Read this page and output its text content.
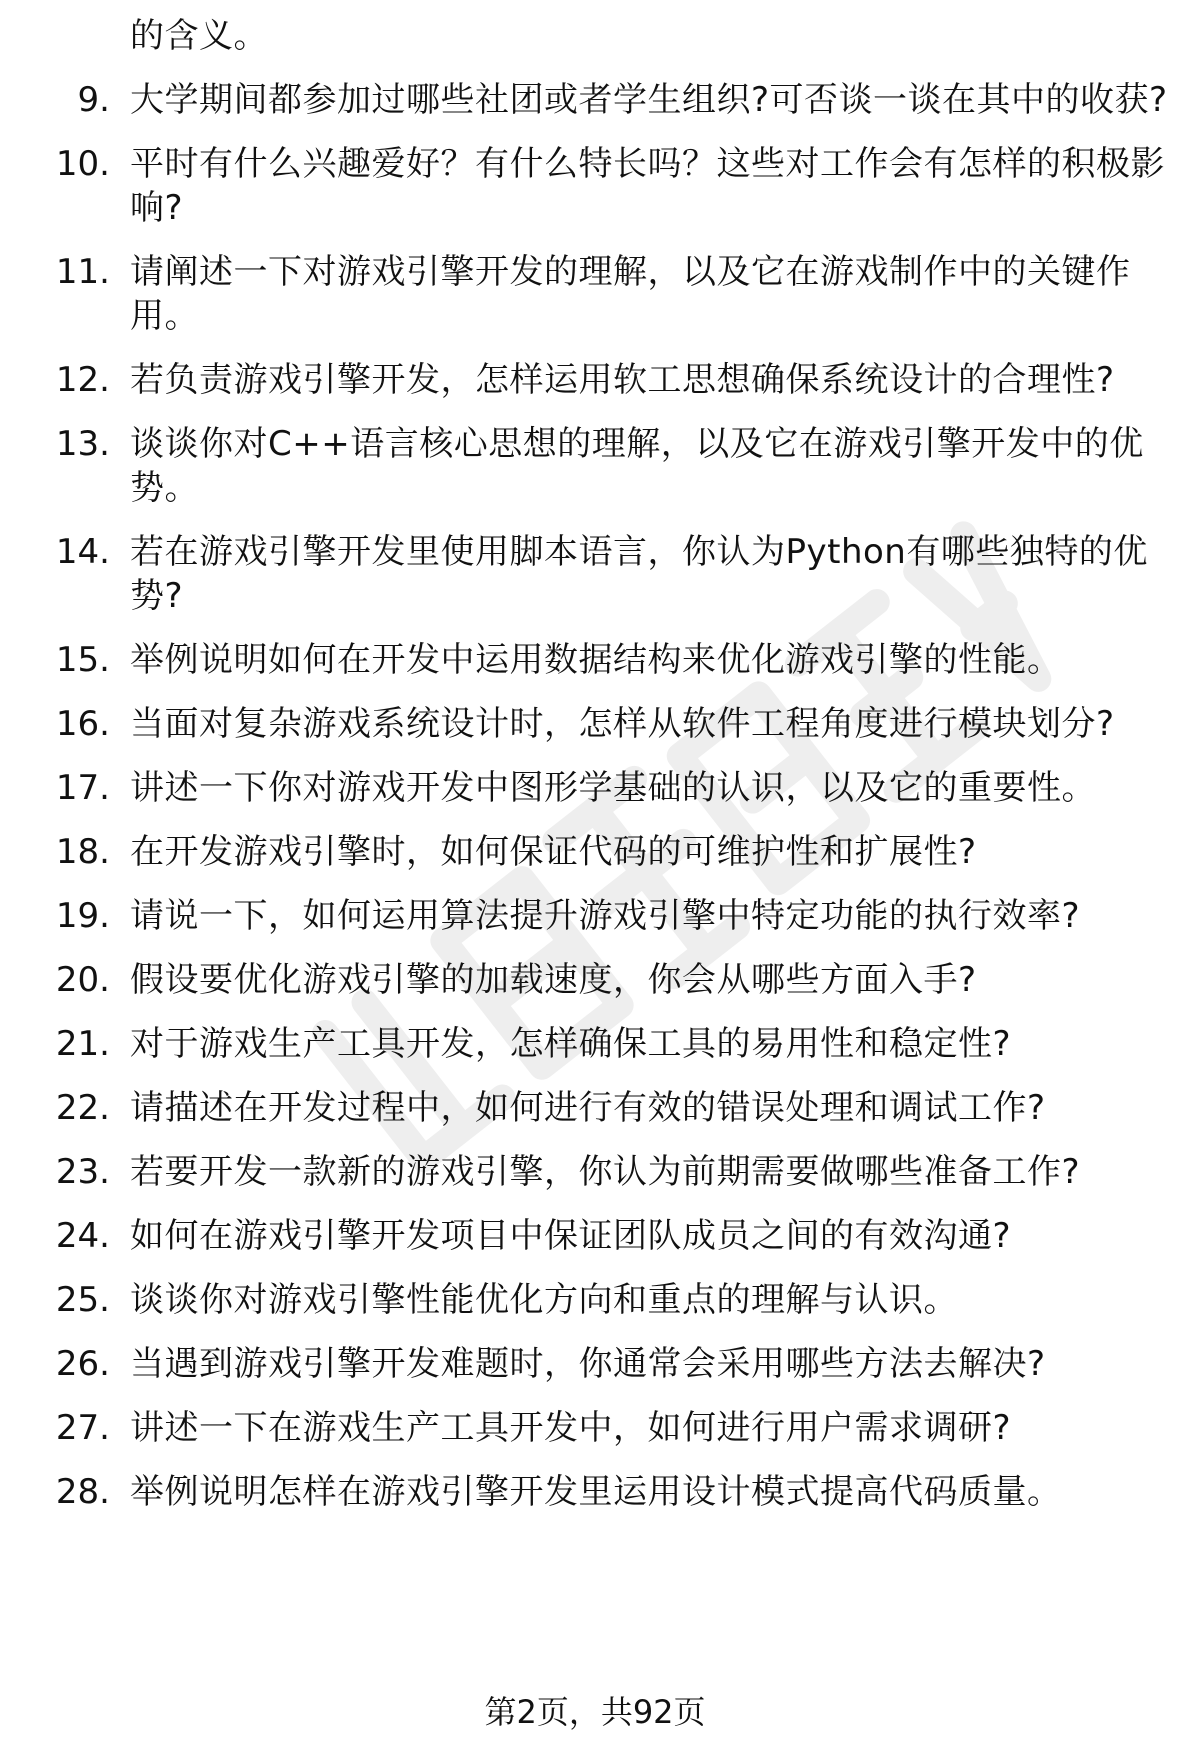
的含义。
9. 大学期间都参加过哪些社团或者学生组织?可否谈一谈在其中的收获?
10. 平时有什么兴趣爱好？有什么特长吗？这些对工作会有怎样的积极影响?
11. 请阐述一下对游戏引擎开发的理解，以及它在游戏制作中的关键作用。
12. 若负责游戏引擎开发，怎样运用软工思想确保系统设计的合理性?
13. 谈谈你对C++语言核心思想的理解，以及它在游戏引擎开发中的优势。
14. 若在游戏引擎开发里使用脚本语言，你认为Python有哪些独特的优势?
15. 举例说明如何在开发中运用数据结构来优化游戏引擎的性能。
16. 当面对复杂游戏系统设计时，怎样从软件工程角度进行模块划分?
17. 讲述一下你对游戏开发中图形学基础的认识，以及它的重要性。
18. 在开发游戏引擎时，如何保证代码的可维护性和扩展性?
19. 请说一下，如何运用算法提升游戏引擎中特定功能的执行效率?
20. 假设要优化游戏引擎的加载速度，你会从哪些方面入手?
21. 对于游戏生产工具开发，怎样确保工具的易用性和稳定性?
22. 请描述在开发过程中，如何进行有效的错误处理和调试工作?
23. 若要开发一款新的游戏引擎，你认为前期需要做哪些准备工作?
24. 如何在游戏引擎开发项目中保证团队成员之间的有效沟通?
25. 谈谈你对游戏引擎性能优化方向和重点的理解与认识。
26. 当遇到游戏引擎开发难题时，你通常会采用哪些方法去解决?
27. 讲述一下在游戏生产工具开发中，如何进行用户需求调研?
28. 举例说明怎样在游戏引擎开发里运用设计模式提高代码质量。
第2页，共92页
